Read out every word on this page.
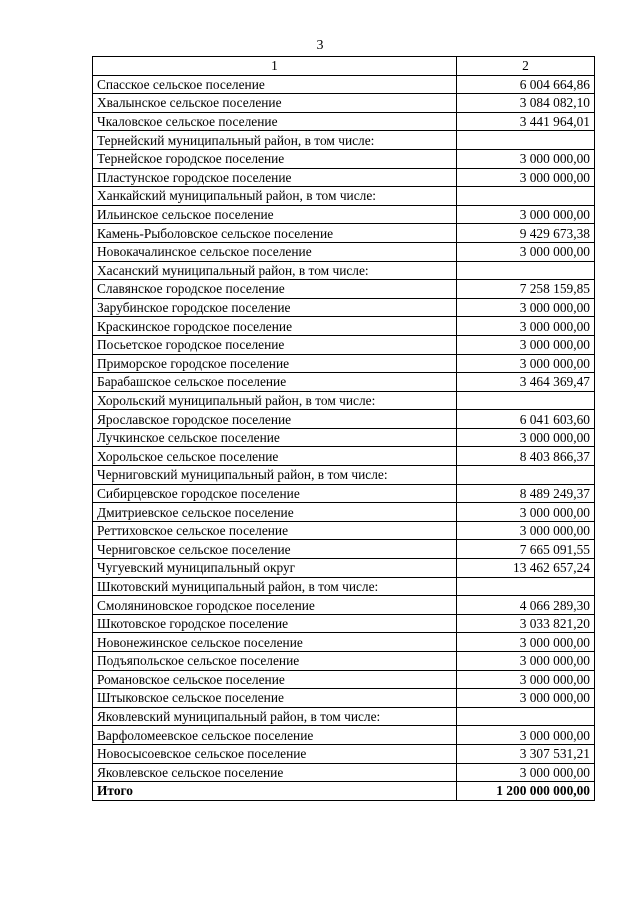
3
1	2
Спасское сельское поселение	6 004 664,86
Хвалынское сельское поселение	3 084 082,10
Чкаловское сельское поселение	3 441 964,01
Тернейский муниципальный район, в том числе:	
Тернейское городское поселение	3 000 000,00
Пластунское городское поселение	3 000 000,00
Ханкайский муниципальный район, в том числе:	
Ильинское сельское поселение	3 000 000,00
Камень-Рыболовское сельское поселение	9 429 673,38
Новокачалинское сельское поселение	3 000 000,00
Хасанский муниципальный район, в том числе:	
Славянское городское поселение	7 258 159,85
Зарубинское городское поселение	3 000 000,00
Краскинское городское поселение	3 000 000,00
Посьетское городское поселение	3 000 000,00
Приморское городское поселение	3 000 000,00
Барабашское сельское поселение	3 464 369,47
Хорольский муниципальный район, в том числе:	
Ярославское городское поселение	6 041 603,60
Лучкинское сельское поселение	3 000 000,00
Хорольское сельское поселение	8 403 866,37
Черниговский муниципальный район, в том числе:	
Сибирцевское городское поселение	8 489 249,37
Дмитриевское сельское поселение	3 000 000,00
Реттиховское сельское поселение	3 000 000,00
Черниговское сельское поселение	7 665 091,55
Чугуевский муниципальный округ	13 462 657,24
Шкотовский муниципальный район, в том числе:	
Смоляниновское городское поселение	4 066 289,30
Шкотовское городское поселение	3 033 821,20
Новонежинское сельское поселение	3 000 000,00
Подъяпольское сельское поселение	3 000 000,00
Романовское сельское поселение	3 000 000,00
Штыковское сельское поселение	3 000 000,00
Яковлевский муниципальный район, в том числе:	
Варфоломеевское сельское поселение	3 000 000,00
Новосысоевское сельское поселение	3 307 531,21
Яковлевское сельское поселение	3 000 000,00
Итого	1 200 000 000,00
